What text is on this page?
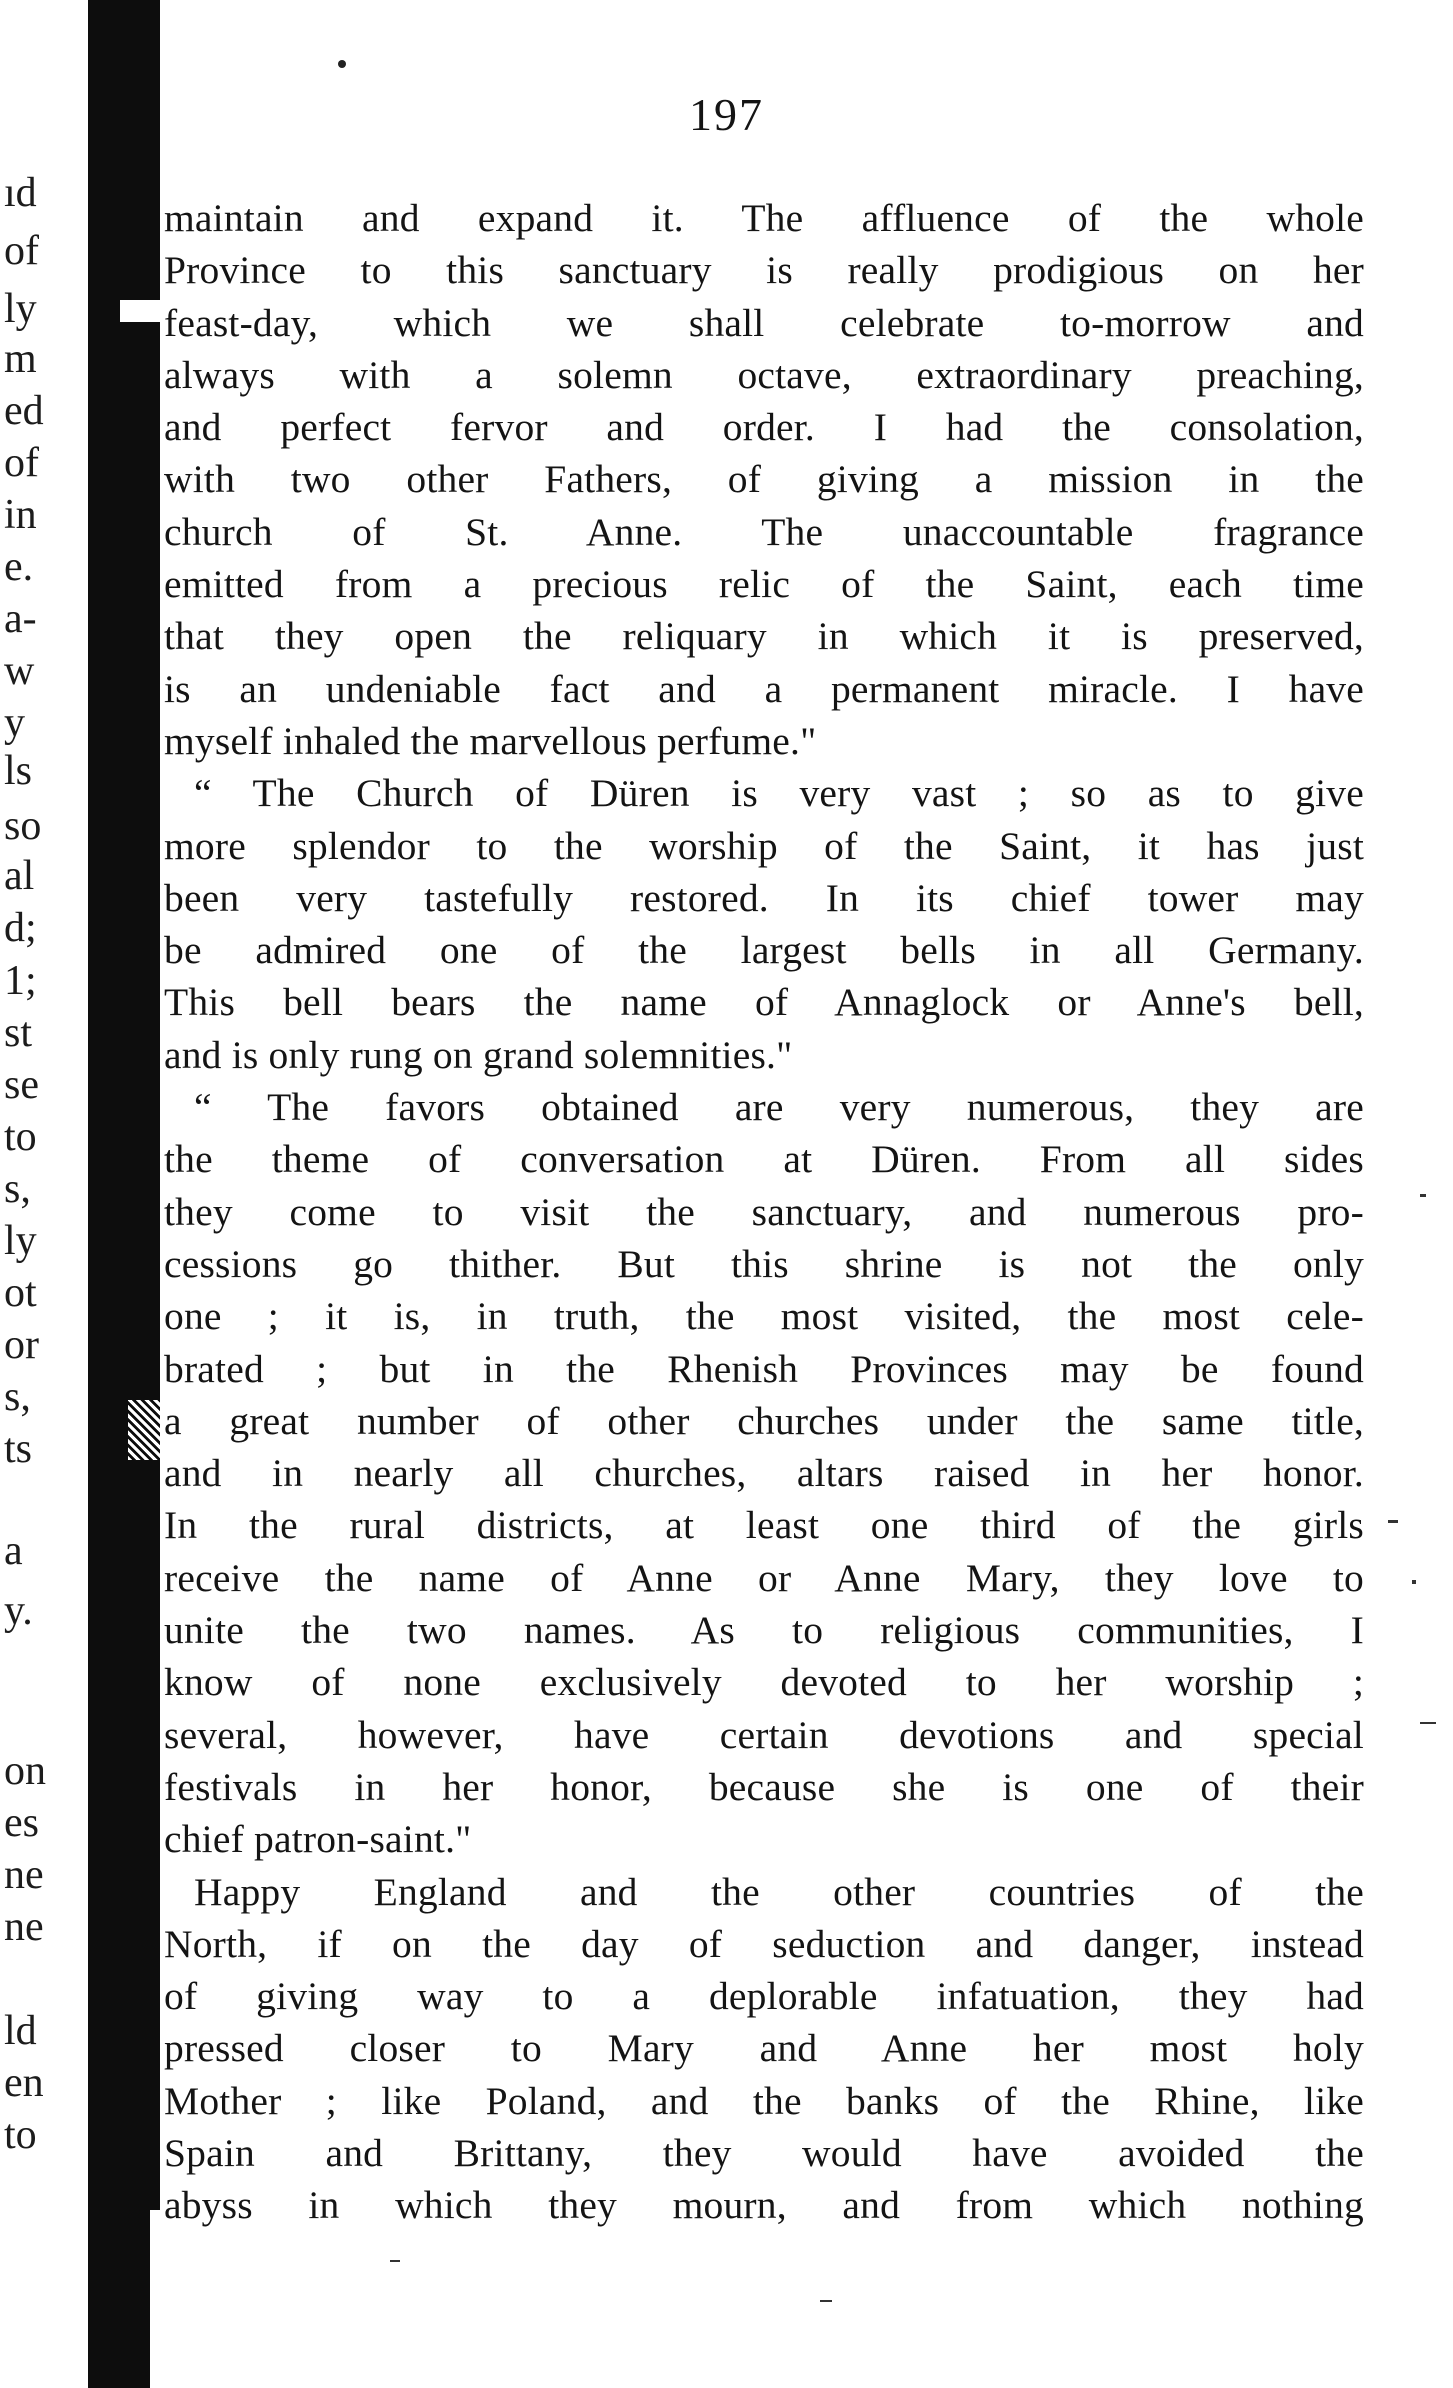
197
ıd
of
ly
m
ed
of
in
e.
a-
w
y
ls
so
al
d;
1;
st
se
to
s,
ly
ot
or
s,
ts
a
y.
on
es
ne
ne
ld
en
to
maintain and expand it. The affluence of the whole
Province to this sanctuary is really prodigious on her
feast-day, which we shall celebrate to-morrow and
always with a solemn octave, extraordinary preaching,
and perfect fervor and order. I had the consolation,
with two other Fathers, of giving a mission in the
church of St. Anne. The unaccountable fragrance
emitted from a precious relic of the Saint, each time
that they open the reliquary in which it is preserved,
is an undeniable fact and a permanent miracle. I have
myself inhaled the marvellous perfume."
“ The Church of Düren is very vast ; so as to give
more splendor to the worship of the Saint, it has just
been very tastefully restored. In its chief tower may
be admired one of the largest bells in all Germany.
This bell bears the name of Annaglock or Anne's bell,
and is only rung on grand solemnities."
“ The favors obtained are very numerous, they are
the theme of conversation at Düren. From all sides
they come to visit the sanctuary, and numerous pro-
cessions go thither. But this shrine is not the only
one ; it is, in truth, the most visited, the most cele-
brated ; but in the Rhenish Provinces may be found
a great number of other churches under the same title,
and in nearly all churches, altars raised in her honor.
In the rural districts, at least one third of the girls
receive the name of Anne or Anne Mary, they love to
unite the two names. As to religious communities, I
know of none exclusively devoted to her worship ;
several, however, have certain devotions and special
festivals in her honor, because she is one of their
chief patron-saint."
Happy England and the other countries of the
North, if on the day of seduction and danger, instead
of giving way to a deplorable infatuation, they had
pressed closer to Mary and Anne her most holy
Mother ; like Poland, and the banks of the Rhine, like
Spain and Brittany, they would have avoided the
abyss in which they mourn, and from which nothing
